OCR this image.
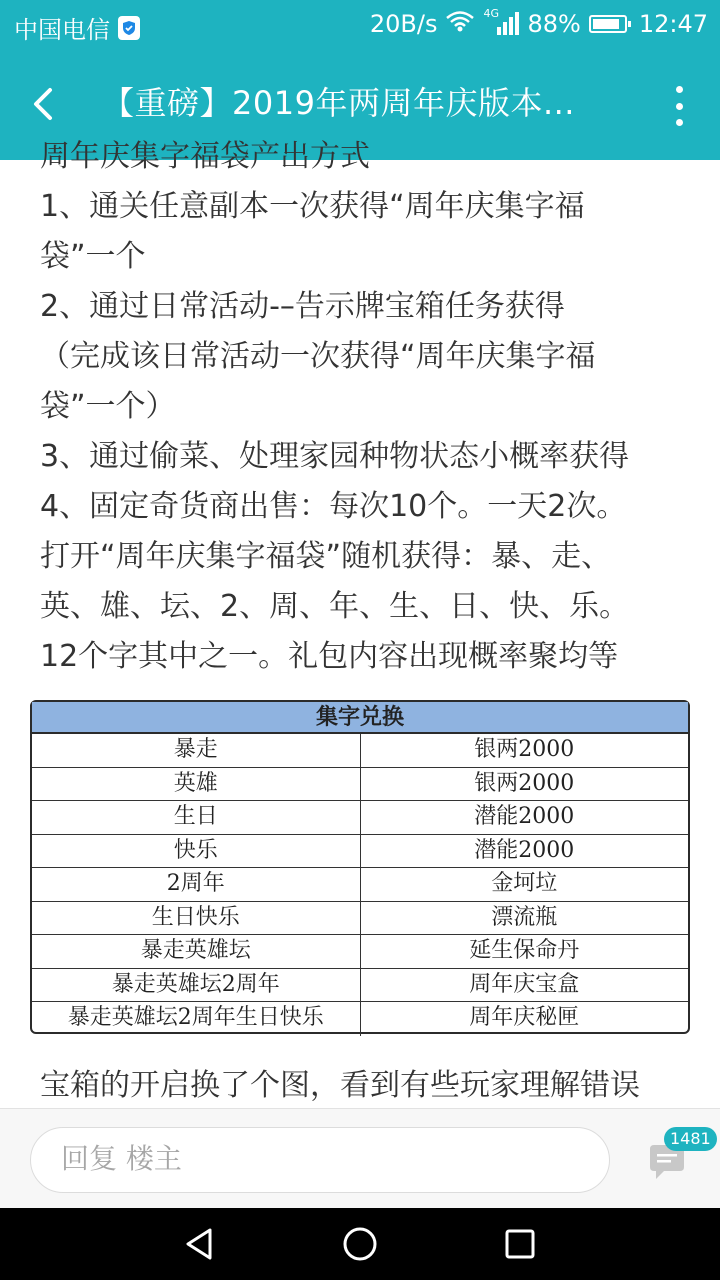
中国电信	20B/s	4G 88% 12:47
【重磅】2019年两周年庆版本...
周年庆集字福袋产出方式
1、通关任意副本一次获得“周年庆集字福
袋”一个
2、通过日常活动-–告示牌宝箱任务获得
（完成该日常活动一次获得“周年庆集字福
袋”一个）
3、通过偷菜、处理家园种物状态小概率获得
4、固定奇货商出售：每次10个。一天2次。
打开“周年庆集字福袋”随机获得：暴、走、
英、雄、坛、2、周、年、生、日、快、乐。
12个字其中之一。礼包内容出现概率聚均等
集字兑换
暴走	银两2000
英雄	银两2000
生日	潜能2000
快乐	潜能2000
2周年	金坷垃
生日快乐	漂流瓶
暴走英雄坛	延生保命丹
暴走英雄坛2周年	周年庆宝盒
暴走英雄坛2周年生日快乐	周年庆秘匣
宝箱的开启换了个图，看到有些玩家理解错误
回复 楼主
1481
